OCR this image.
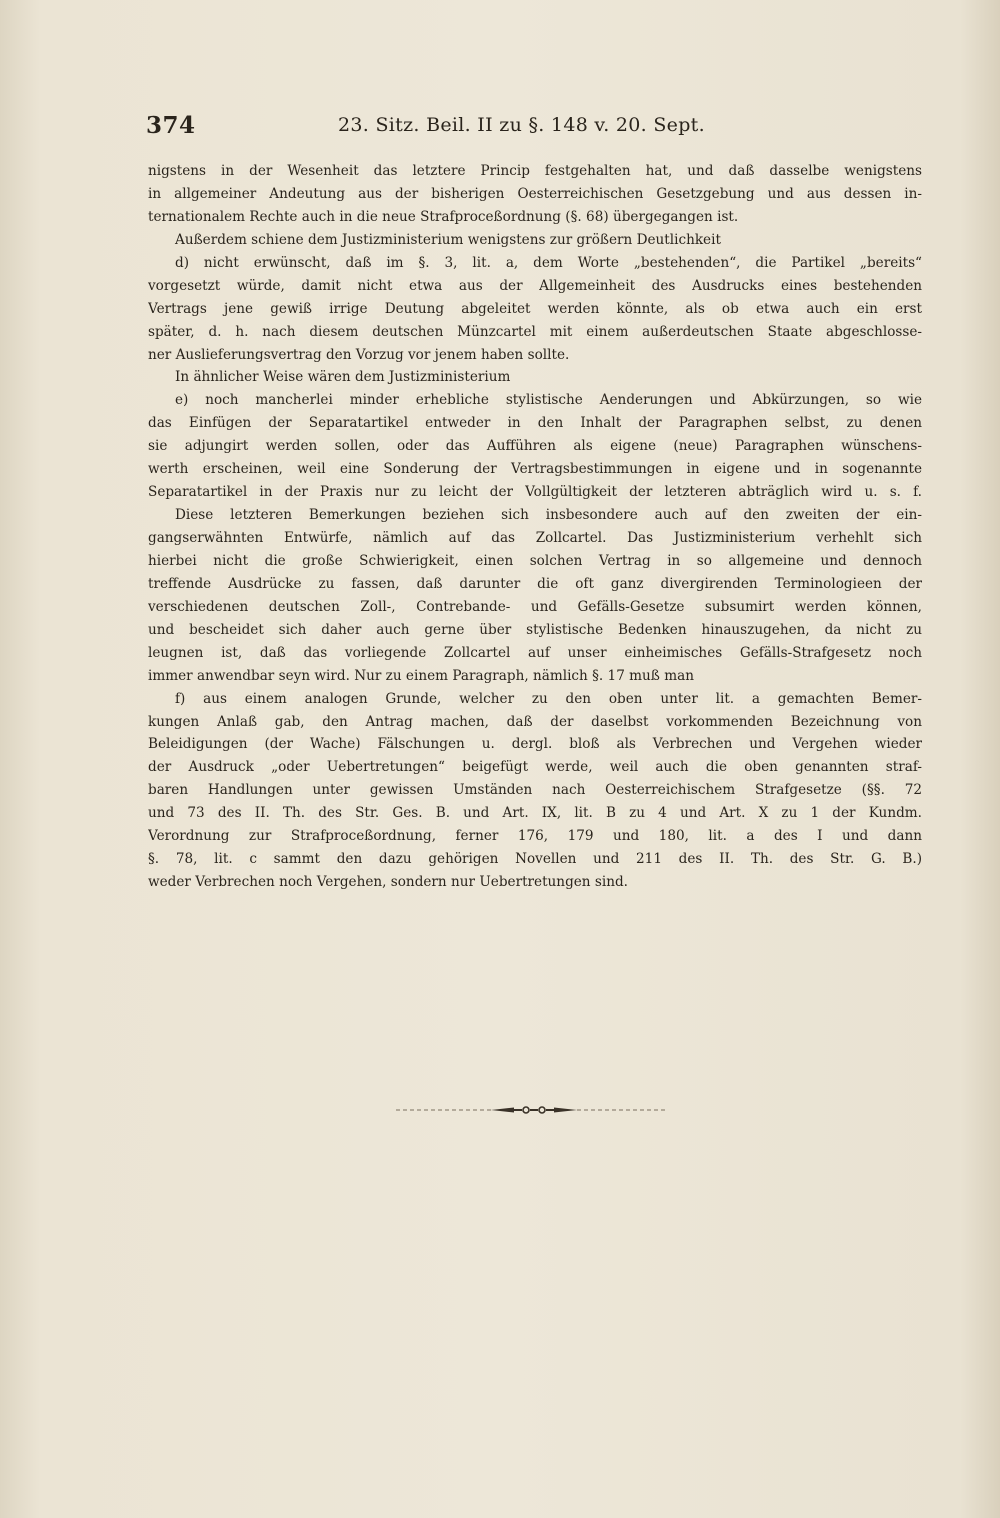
374	23. Sitz. Beil. II zu §. 148 v. 20. Sept.
nigstens in der Wesenheit das letztere Princip festgehalten hat, und daß dasselbe wenigstens
in allgemeiner Andeutung aus der bisherigen Oesterreichischen Gesetzgebung und aus dessen in-
ternationalem Rechte auch in die neue Strafproceßordnung (§. 68) übergegangen ist.
Außerdem schiene dem Justizministerium wenigstens zur größern Deutlichkeit
d) nicht erwünscht, daß im §. 3, lit. a, dem Worte „bestehenden“, die Partikel „bereits“
vorgesetzt würde, damit nicht etwa aus der Allgemeinheit des Ausdrucks eines bestehenden
Vertrags jene gewiß irrige Deutung abgeleitet werden könnte, als ob etwa auch ein erst
später, d. h. nach diesem deutschen Münzcartel mit einem außerdeutschen Staate abgeschlosse-
ner Auslieferungsvertrag den Vorzug vor jenem haben sollte.
In ähnlicher Weise wären dem Justizministerium
e) noch mancherlei minder erhebliche stylistische Aenderungen und Abkürzungen, so wie
das Einfügen der Separatartikel entweder in den Inhalt der Paragraphen selbst, zu denen
sie adjungirt werden sollen, oder das Aufführen als eigene (neue) Paragraphen wünschens-
werth erscheinen, weil eine Sonderung der Vertragsbestimmungen in eigene und in sogenannte
Separatartikel in der Praxis nur zu leicht der Vollgültigkeit der letzteren abträglich wird u. s. f.
Diese letzteren Bemerkungen beziehen sich insbesondere auch auf den zweiten der ein-
gangserwähnten Entwürfe, nämlich auf das Zollcartel. Das Justizministerium verhehlt sich
hierbei nicht die große Schwierigkeit, einen solchen Vertrag in so allgemeine und dennoch
treffende Ausdrücke zu fassen, daß darunter die oft ganz divergirenden Terminologieen der
verschiedenen deutschen Zoll-, Contrebande- und Gefälls-Gesetze subsumirt werden können,
und bescheidet sich daher auch gerne über stylistische Bedenken hinauszugehen, da nicht zu
leugnen ist, daß das vorliegende Zollcartel auf unser einheimisches Gefälls-Strafgesetz noch
immer anwendbar seyn wird. Nur zu einem Paragraph, nämlich §. 17 muß man
f) aus einem analogen Grunde, welcher zu den oben unter lit. a gemachten Bemer-
kungen Anlaß gab, den Antrag machen, daß der daselbst vorkommenden Bezeichnung von
Beleidigungen (der Wache) Fälschungen u. dergl. bloß als Verbrechen und Vergehen wieder
der Ausdruck „oder Uebertretungen“ beigefügt werde, weil auch die oben genannten straf-
baren Handlungen unter gewissen Umständen nach Oesterreichischem Strafgesetze (§§. 72
und 73 des II. Th. des Str. Ges. B. und Art. IX, lit. B zu 4 und Art. X zu 1 der Kundm.
Verordnung zur Strafproceßordnung, ferner 176, 179 und 180, lit. a des I und dann
§. 78, lit. c sammt den dazu gehörigen Novellen und 211 des II. Th. des Str. G. B.)
weder Verbrechen noch Vergehen, sondern nur Uebertretungen sind.
